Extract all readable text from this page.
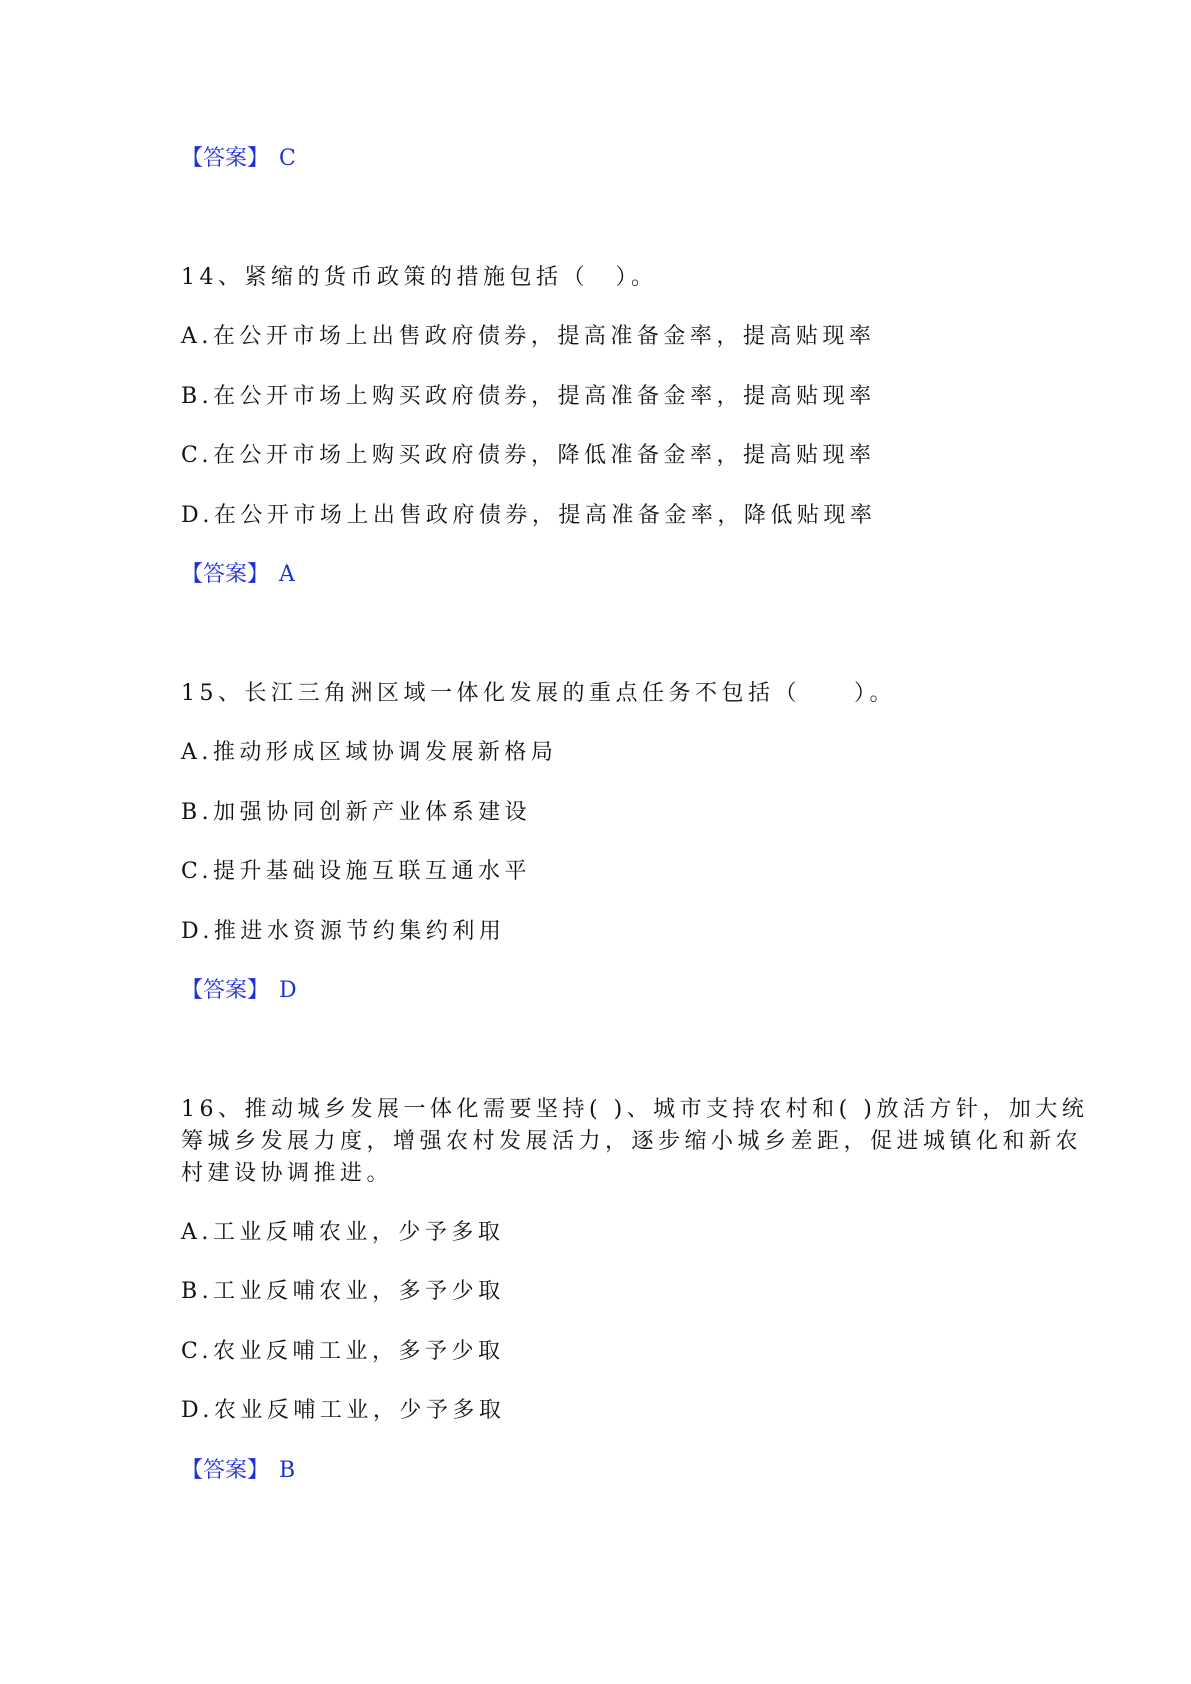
【答案】 C

14、紧缩的货币政策的措施包括（　）。

A.在公开市场上出售政府债券，提高准备金率，提高贴现率

B.在公开市场上购买政府债券，提高准备金率，提高贴现率

C.在公开市场上购买政府债券，降低准备金率，提高贴现率

D.在公开市场上出售政府债券，提高准备金率，降低贴现率

【答案】 A

15、长江三角洲区域一体化发展的重点任务不包括（　　）。

A.推动形成区域协调发展新格局

B.加强协同创新产业体系建设

C.提升基础设施互联互通水平

D.推进水资源节约集约利用

【答案】 D

16、推动城乡发展一体化需要坚持( )、城市支持农村和( )放活方针，加大统

筹城乡发展力度，增强农村发展活力，逐步缩小城乡差距，促进城镇化和新农

村建设协调推进。

A.工业反哺农业，少予多取

B.工业反哺农业，多予少取

C.农业反哺工业，多予少取

D.农业反哺工业，少予多取

【答案】 B
